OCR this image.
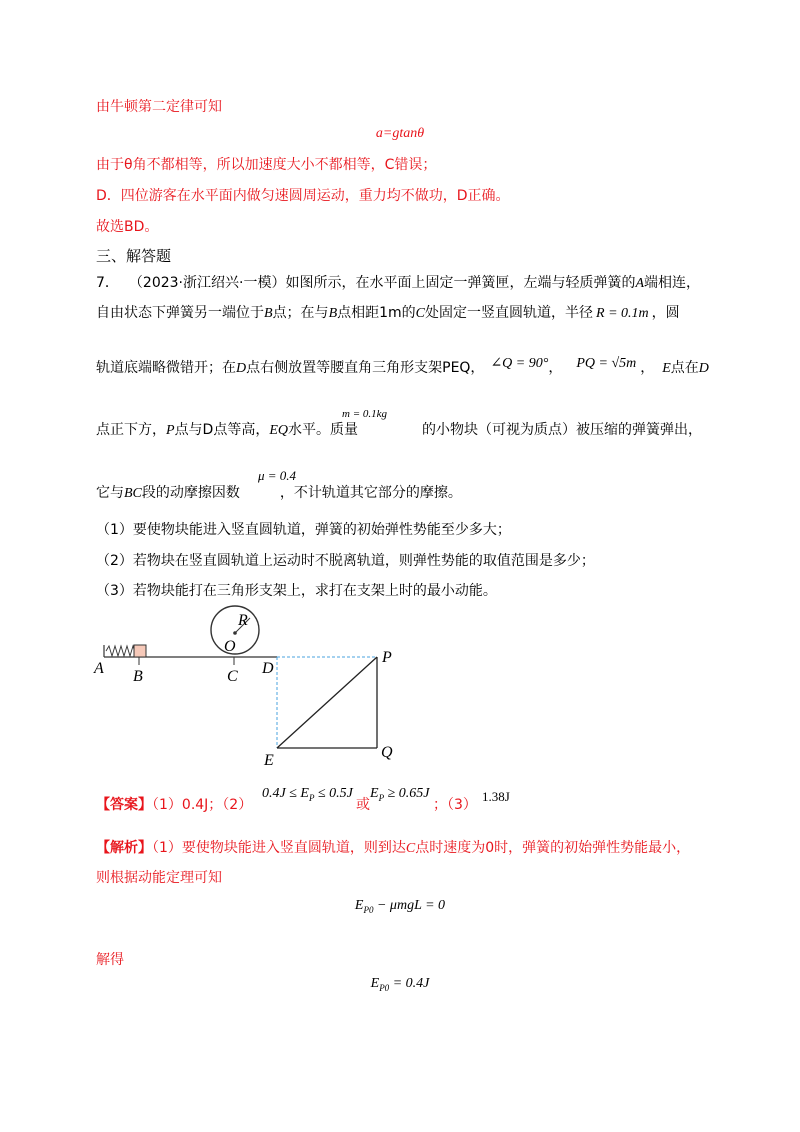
由牛顿第二定律可知
a=gtanθ
由于θ角不都相等，所以加速度大小不都相等，C错误；
D．四位游客在水平面内做匀速圆周运动，重力均不做功，D正确。
故选BD。
三、解答题
7． （2023·浙江绍兴·一模）如图所示，在水平面上固定一弹簧匣，左端与轻质弹簧的A端相连，
自由状态下弹簧另一端位于B点；在与B点相距1m的C处固定一竖直圆轨道，半径 R = 0.1m ，圆
轨道底端略微错开；在D点右侧放置等腰直角三角形支架PEQ， ∠Q = 90°， PQ = √5m ， E点在D
m = 0.1kg
点正下方，P点与D点等高，EQ水平。质量	的小物块（可视为质点）被压缩的弹簧弹出，
μ = 0.4
它与BC段的动摩擦因数	，不计轨道其它部分的摩擦。
（1）要使物块能进入竖直圆轨道，弹簧的初始弹性势能至少多大；
（2）若物块在竖直圆轨道上运动时不脱离轨道，则弹性势能的取值范围是多少；
（3）若物块能打在三角形支架上，求打在支架上时的最小动能。
A B	C D
O
R
P
E	Q
【答案】（1）0.4J；（2）
$0.4J \le E_P \le 0.5J$
或
$E_P \ge 0.65J$
；（3）
1.38J
【解析】（1）要使物块能进入竖直圆轨道，则到达C点时速度为0时，弹簧的初始弹性势能最小，
则根据动能定理可知
$E_{P0} - \mu mgL = 0$
解得
$E_{P0} = 0.4J$
